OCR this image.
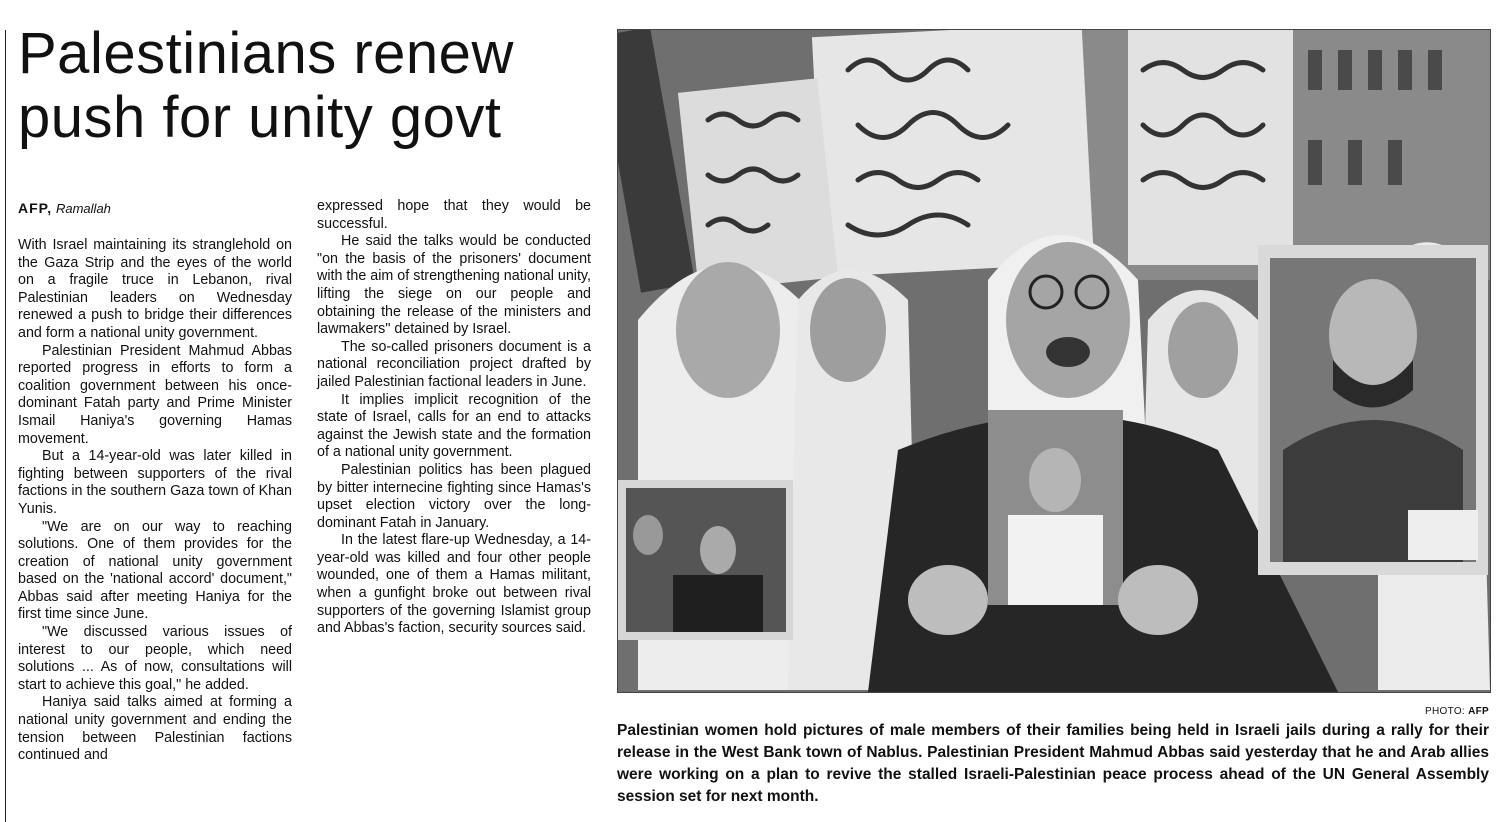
Palestinians renew push for unity govt
AFP, Ramallah

With Israel maintaining its stranglehold on the Gaza Strip and the eyes of the world on a fragile truce in Lebanon, rival Palestinian leaders on Wednesday renewed a push to bridge their differences and form a national unity government.

Palestinian President Mahmud Abbas reported progress in efforts to form a coalition government between his once-dominant Fatah party and Prime Minister Ismail Haniya's governing Hamas movement.

But a 14-year-old was later killed in fighting between supporters of the rival factions in the southern Gaza town of Khan Yunis.

"We are on our way to reaching solutions. One of them provides for the creation of national unity government based on the 'national accord' document," Abbas said after meeting Haniya for the first time since June.

"We discussed various issues of interest to our people, which need solutions ... As of now, consultations will start to achieve this goal," he added.

Haniya said talks aimed at forming a national unity government and ending the tension between Palestinian factions continued and

expressed hope that they would be successful.

He said the talks would be conducted "on the basis of the prisoners' document with the aim of strengthening national unity, lifting the siege on our people and obtaining the release of the ministers and lawmakers" detained by Israel.

The so-called prisoners document is a national reconciliation project drafted by jailed Palestinian factional leaders in June.

It implies implicit recognition of the state of Israel, calls for an end to attacks against the Jewish state and the formation of a national unity government.

Palestinian politics has been plagued by bitter internecine fighting since Hamas's upset election victory over the long-dominant Fatah in January.

In the latest flare-up Wednesday, a 14-year-old was killed and four other people wounded, one of them a Hamas militant, when a gunfight broke out between rival supporters of the governing Islamist group and Abbas's faction, security sources said.

PHOTO: AFP
Palestinian women hold pictures of male members of their families being held in Israeli jails during a rally for their release in the West Bank town of Nablus. Palestinian President Mahmud Abbas said yesterday that he and Arab allies were working on a plan to revive the stalled Israeli-Palestinian peace process ahead of the UN General Assembly session set for next month.
